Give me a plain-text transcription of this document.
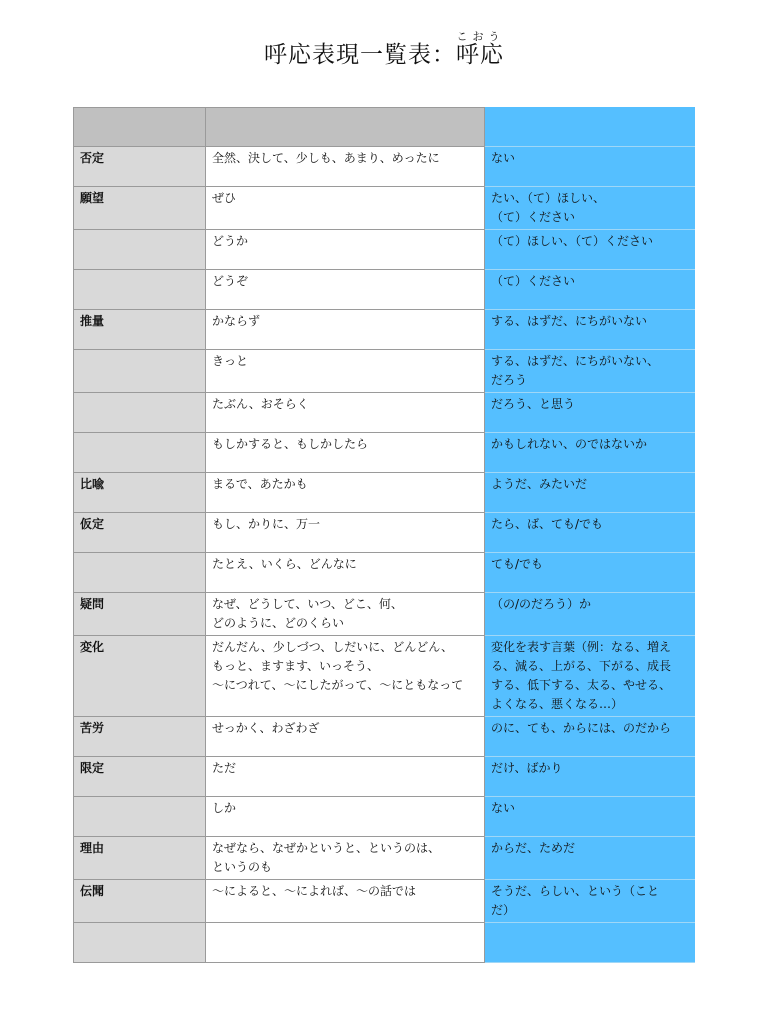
呼応表現一覧表：呼応こおう

否定	全然、決して、少しも、あまり、めったに	ない
願望	ぜひ	たい、（て）ほしい、
（て）ください
	どうか	（て）ほしい、（て）ください
	どうぞ	（て）ください
推量	かならず	する、はずだ、にちがいない
	きっと	する、はずだ、にちがいない、
だろう
	たぶん、おそらく	だろう、と思う
	もしかすると、もしかしたら	かもしれない、のではないか
比喩	まるで、あたかも	ようだ、みたいだ
仮定	もし、かりに、万一	たら、ば、ても/でも
	たとえ、いくら、どんなに	ても/でも
疑問	なぜ、どうして、いつ、どこ、何、
どのように、どのくらい	（の/のだろう）か
変化	だんだん、少しづつ、しだいに、どんどん、
もっと、ますます、いっそう、
〜につれて、〜にしたがって、〜にともなって	変化を表す言葉（例：なる、増え
る、減る、上がる、下がる、成長
する、低下する、太る、やせる、
よくなる、悪くなる…）
苦労	せっかく、わざわざ	のに、ても、からには、のだから
限定	ただ	だけ、ばかり
	しか	ない
理由	なぜなら、なぜかというと、というのは、
というのも	からだ、ためだ
伝聞	〜によると、〜によれば、〜の話では	そうだ、らしい、という（こと
だ）
